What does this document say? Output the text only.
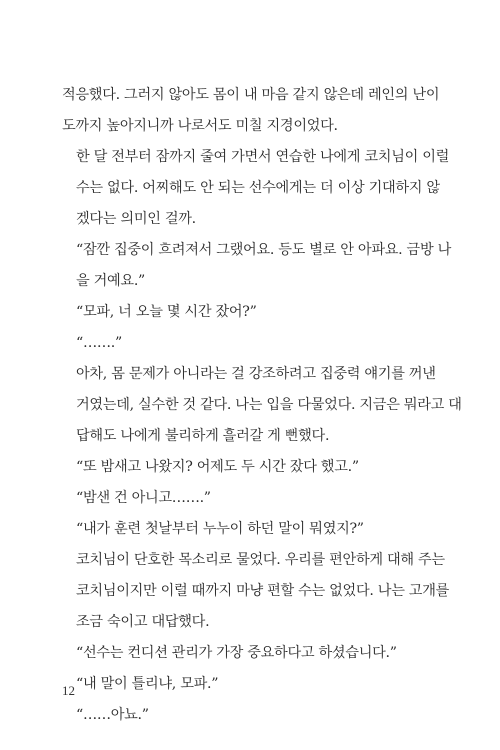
적응했다. 그러지 않아도 몸이 내 마음 같지 않은데 레인의 난이
도까지 높아지니까 나로서도 미칠 지경이었다.

한 달 전부터 잠까지 줄여 가면서 연습한 나에게 코치님이 이럴
수는 없다. 어찌해도 안 되는 선수에게는 더 이상 기대하지 않
겠다는 의미인 걸까.

“잠깐 집중이 흐려져서 그랬어요. 등도 별로 안 아파요. 금방 나
을 거예요.”

“모파, 너 오늘 몇 시간 잤어?”

“…….”

아차, 몸 문제가 아니라는 걸 강조하려고 집중력 얘기를 꺼낸
거였는데, 실수한 것 같다. 나는 입을 다물었다. 지금은 뭐라고 대
답해도 나에게 불리하게 흘러갈 게 뻔했다.

“또 밤새고 나왔지? 어제도 두 시간 잤다 했고.”

“밤샌 건 아니고…….”

“내가 훈련 첫날부터 누누이 하던 말이 뭐였지?”

코치님이 단호한 목소리로 물었다. 우리를 편안하게 대해 주는
코치님이지만 이럴 때까지 마냥 편할 수는 없었다. 나는 고개를
조금 숙이고 대답했다.

“선수는 컨디션 관리가 가장 중요하다고 하셨습니다.”

“내 말이 틀리냐, 모파.”

“……아뇨.”

12
